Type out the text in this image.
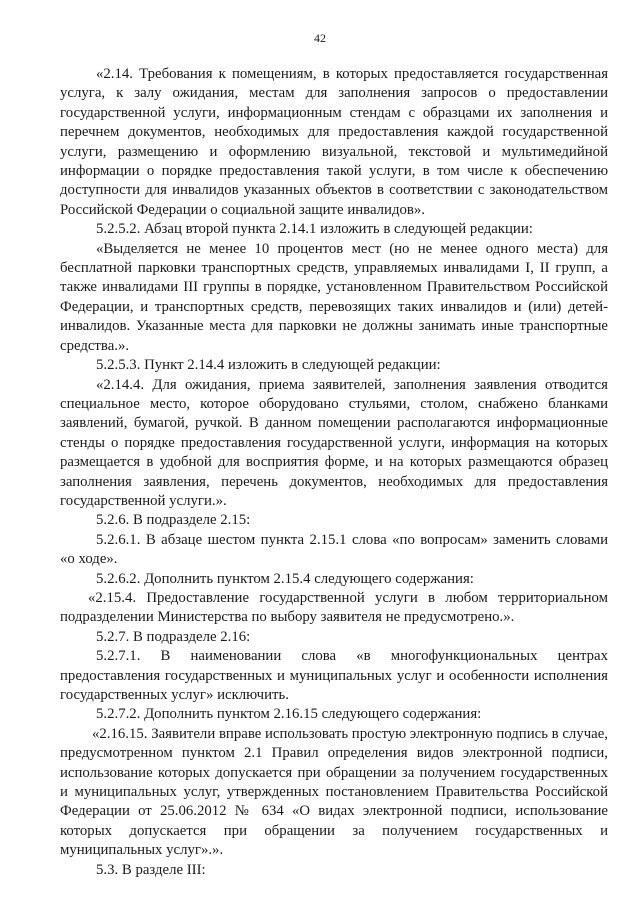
42

«2.14. Требования к помещениям, в которых предоставляется государственная услуга, к залу ожидания, местам для заполнения запросов о предоставлении государственной услуги, информационным стендам с образцами их заполнения и перечнем документов, необходимых для предоставления каждой государственной услуги, размещению и оформлению визуальной, текстовой и мультимедийной информации о порядке предоставления такой услуги, в том числе к обеспечению доступности для инвалидов указанных объектов в соответствии с законодательством Российской Федерации о социальной защите инвалидов».

5.2.5.2. Абзац второй пункта 2.14.1 изложить в следующей редакции:

«Выделяется не менее 10 процентов мест (но не менее одного места) для бесплатной парковки транспортных средств, управляемых инвалидами I, II групп, а также инвалидами III группы в порядке, установленном Правительством Российской Федерации, и транспортных средств, перевозящих таких инвалидов и (или) детей-инвалидов. Указанные места для парковки не должны занимать иные транспортные средства.».

5.2.5.3. Пункт 2.14.4 изложить в следующей редакции:

«2.14.4. Для ожидания, приема заявителей, заполнения заявления отводится специальное место, которое оборудовано стульями, столом, снабжено бланками заявлений, бумагой, ручкой. В данном помещении располагаются информационные стенды о порядке предоставления государственной услуги, информация на которых размещается в удобной для восприятия форме, и на которых размещаются образец заполнения заявления, перечень документов, необходимых для предоставления государственной услуги.».

5.2.6. В подразделе 2.15:

5.2.6.1. В абзаце шестом пункта 2.15.1 слова «по вопросам» заменить словами «о ходе».

5.2.6.2. Дополнить пунктом 2.15.4 следующего содержания:

«2.15.4. Предоставление государственной услуги в любом территориальном подразделении Министерства по выбору заявителя не предусмотрено.».

5.2.7. В подразделе 2.16:

5.2.7.1. В наименовании слова «в многофункциональных центрах предоставления государственных и муниципальных услуг и особенности исполнения государственных услуг» исключить.

5.2.7.2. Дополнить пунктом 2.16.15 следующего содержания:

«2.16.15. Заявители вправе использовать простую электронную подпись в случае, предусмотренном пунктом 2.1 Правил определения видов электронной подписи, использование которых допускается при обращении за получением государственных и муниципальных услуг, утвержденных постановлением Правительства Российской Федерации от 25.06.2012 № 634 «О видах электронной подписи, использование которых допускается при обращении за получением государственных и муниципальных услуг».».

5.3. В разделе III:
